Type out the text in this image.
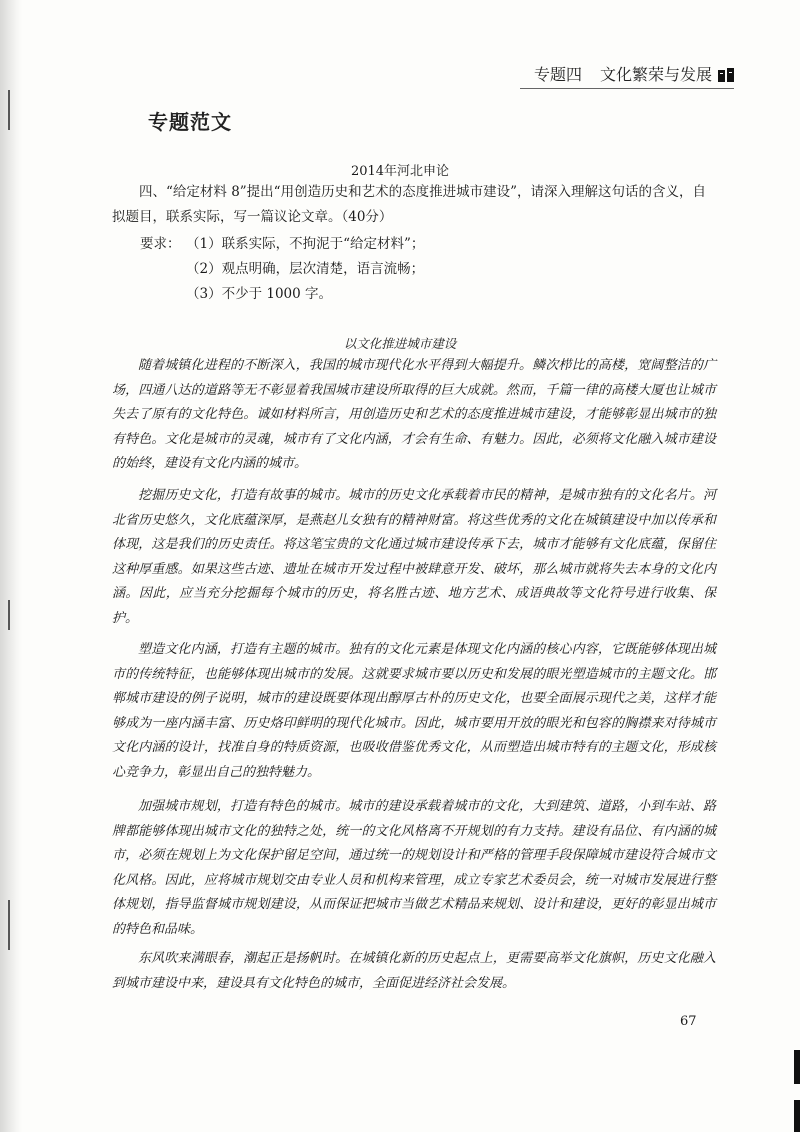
专题四 文化繁荣与发展
专题范文
2014年河北申论
四、“给定材料 8”提出“用创造历史和艺术的态度推进城市建设”，请深入理解这句话的含义，自
拟题目，联系实际，写一篇议论文章。（40分）
要求： （1）联系实际，不拘泥于“给定材料”；
（2）观点明确，层次清楚，语言流畅；
（3）不少于 1000 字。
以文化推进城市建设

随着城镇化进程的不断深入，我国的城市现代化水平得到大幅提升。鳞次栉比的高楼，宽阔整洁的广场，四通八达的道路等无不彰显着我国城市建设所取得的巨大成就。然而，千篇一律的高楼大厦也让城市失去了原有的文化特色。诚如材料所言，用创造历史和艺术的态度推进城市建设，才能够彰显出城市的独有特色。文化是城市的灵魂，城市有了文化内涵，才会有生命、有魅力。因此，必须将文化融入城市建设的始终，建设有文化内涵的城市。

挖掘历史文化，打造有故事的城市。城市的历史文化承载着市民的精神，是城市独有的文化名片。河北省历史悠久，文化底蕴深厚，是燕赵儿女独有的精神财富。将这些优秀的文化在城镇建设中加以传承和体现，这是我们的历史责任。将这笔宝贵的文化通过城市建设传承下去，城市才能够有文化底蕴，保留住这种厚重感。如果这些古迹、遗址在城市开发过程中被肆意开发、破坏，那么城市就将失去本身的文化内涵。因此，应当充分挖掘每个城市的历史，将名胜古迹、地方艺术、成语典故等文化符号进行收集、保护。

塑造文化内涵，打造有主题的城市。独有的文化元素是体现文化内涵的核心内容，它既能够体现出城市的传统特征，也能够体现出城市的发展。这就要求城市要以历史和发展的眼光塑造城市的主题文化。邯郸城市建设的例子说明，城市的建设既要体现出醇厚古朴的历史文化，也要全面展示现代之美，这样才能够成为一座内涵丰富、历史烙印鲜明的现代化城市。因此，城市要用开放的眼光和包容的胸襟来对待城市文化内涵的设计，找准自身的特质资源，也吸收借鉴优秀文化，从而塑造出城市特有的主题文化，形成核心竞争力，彰显出自己的独特魅力。

加强城市规划，打造有特色的城市。城市的建设承载着城市的文化，大到建筑、道路，小到车站、路牌都能够体现出城市文化的独特之处，统一的文化风格离不开规划的有力支持。建设有品位、有内涵的城市，必须在规划上为文化保护留足空间，通过统一的规划设计和严格的管理手段保障城市建设符合城市文化风格。因此，应将城市规划交由专业人员和机构来管理，成立专家艺术委员会，统一对城市发展进行整体规划，指导监督城市规划建设，从而保证把城市当做艺术精品来规划、设计和建设，更好的彰显出城市的特色和品味。

东风吹来满眼春，潮起正是扬帆时。在城镇化新的历史起点上，更需要高举文化旗帜，历史文化融入到城市建设中来，建设具有文化特色的城市，全面促进经济社会发展。

67
